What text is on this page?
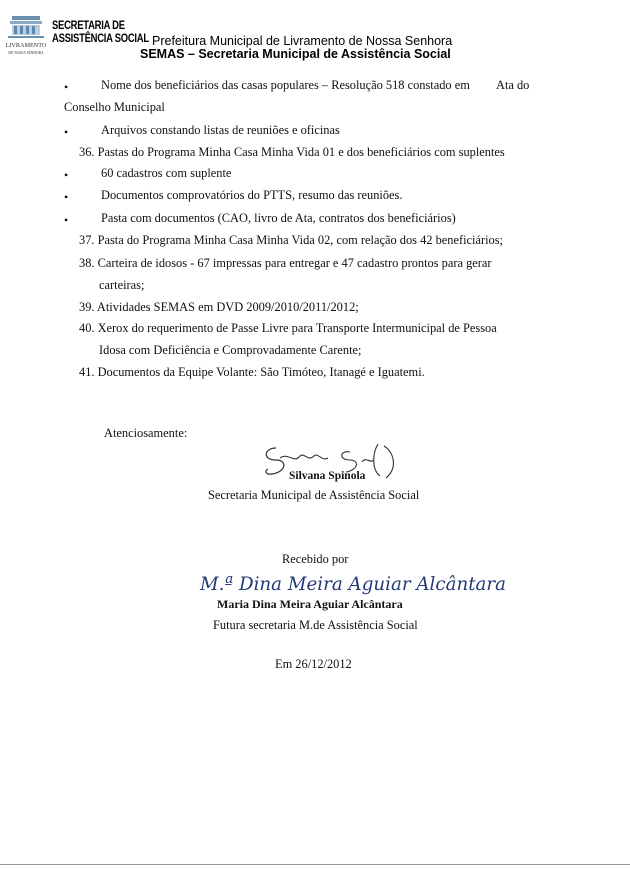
LIVRAMENTO
DE NOSSA SENHORA
SECRETARIA DE
ASSISTÊNCIA SOCIAL Prefeitura Municipal de Livramento de Nossa Senhora
SEMAS – Secretaria Municipal de Assistência Social
•	Nome dos beneficiários das casas populares – Resolução 518 constado em Ata do
Conselho Municipal
•	Arquivos constando listas de reuniões e oficinas
36. Pastas do Programa Minha Casa Minha Vida 01 e dos beneficiários com suplentes
•	60 cadastros com suplente
•	Documentos comprovatórios do PTTS, resumo das reuniões.
•	Pasta com documentos (CAO, livro de Ata, contratos dos beneficiários)
37. Pasta do Programa Minha Casa Minha Vida 02, com relação dos 42 beneficiários;
38. Carteira de idosos - 67 impressas para entregar e 47 cadastro prontos para gerar
carteiras;
39. Atividades SEMAS em DVD 2009/2010/2011/2012;
40. Xerox do requerimento de Passe Livre para Transporte Intermunicipal de Pessoa
Idosa com Deficiência e Comprovadamente Carente;
41. Documentos da Equipe Volante: São Timóteo, Itanagé e Iguatemi.
Atenciosamente:
Silvana Spinola
Secretaria Municipal de Assistência Social
Recebido por
M.ª Dina Meira Aguiar Alcântara
Maria Dina Meira Aguiar Alcântara
Futura secretaria M.de Assistência Social
Em 26/12/2012
